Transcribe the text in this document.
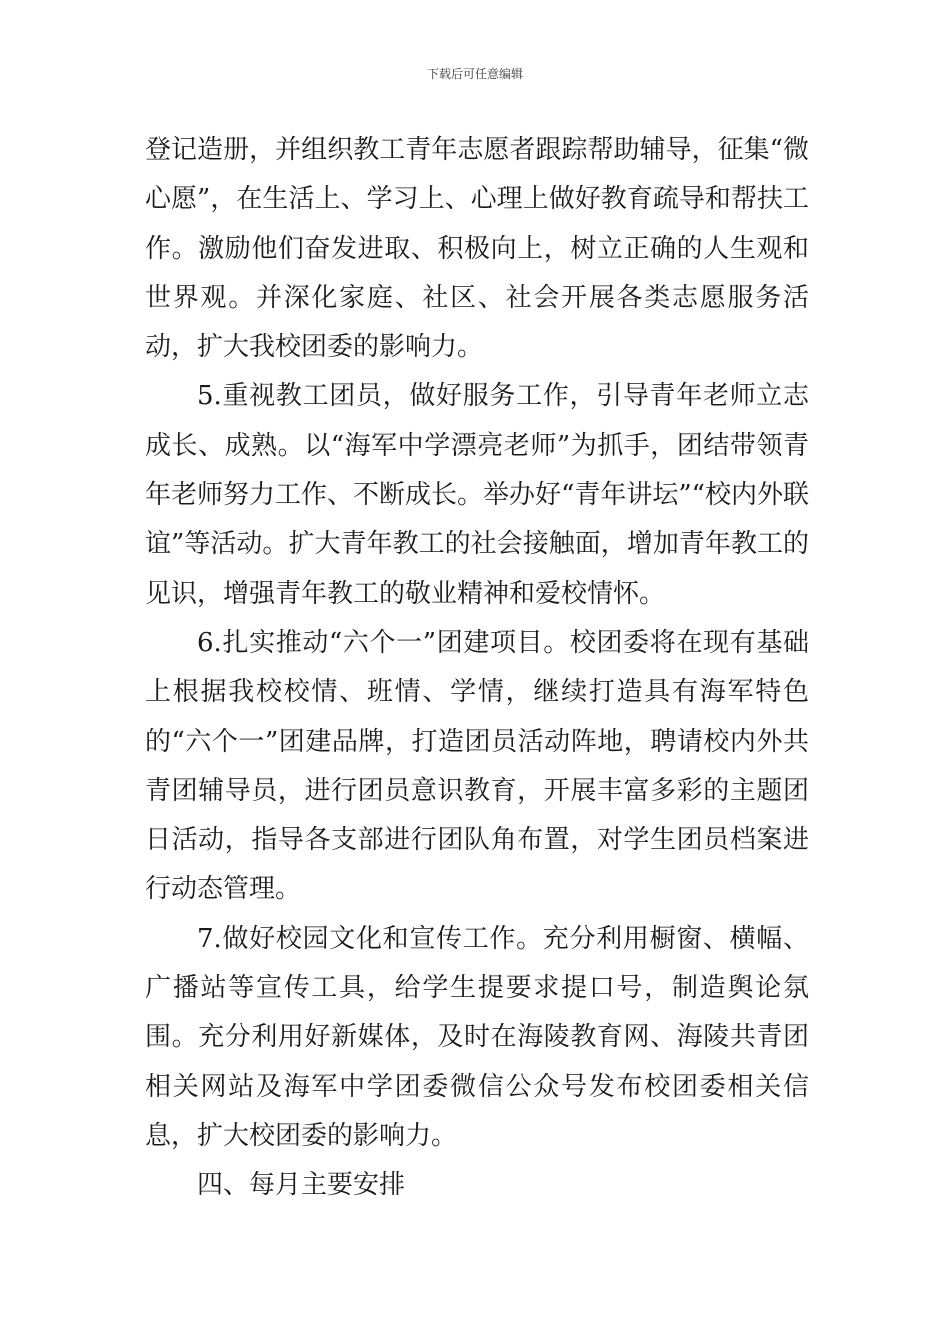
下载后可任意编辑

登记造册，并组织教工青年志愿者跟踪帮助辅导，征集“微心愿”，在生活上、学习上、心理上做好教育疏导和帮扶工作。激励他们奋发进取、积极向上，树立正确的人生观和世界观。并深化家庭、社区、社会开展各类志愿服务活动，扩大我校团委的影响力。

5.重视教工团员，做好服务工作，引导青年老师立志成长、成熟。以“海军中学漂亮老师”为抓手，团结带领青年老师努力工作、不断成长。举办好“青年讲坛”“校内外联谊”等活动。扩大青年教工的社会接触面，增加青年教工的见识，增强青年教工的敬业精神和爱校情怀。

6.扎实推动“六个一”团建项目。校团委将在现有基础上根据我校校情、班情、学情，继续打造具有海军特色的“六个一”团建品牌，打造团员活动阵地，聘请校内外共青团辅导员，进行团员意识教育，开展丰富多彩的主题团日活动，指导各支部进行团队角布置，对学生团员档案进行动态管理。

7.做好校园文化和宣传工作。充分利用橱窗、横幅、广播站等宣传工具，给学生提要求提口号，制造舆论氛围。充分利用好新媒体，及时在海陵教育网、海陵共青团相关网站及海军中学团委微信公众号发布校团委相关信息，扩大校团委的影响力。

四、每月主要安排
